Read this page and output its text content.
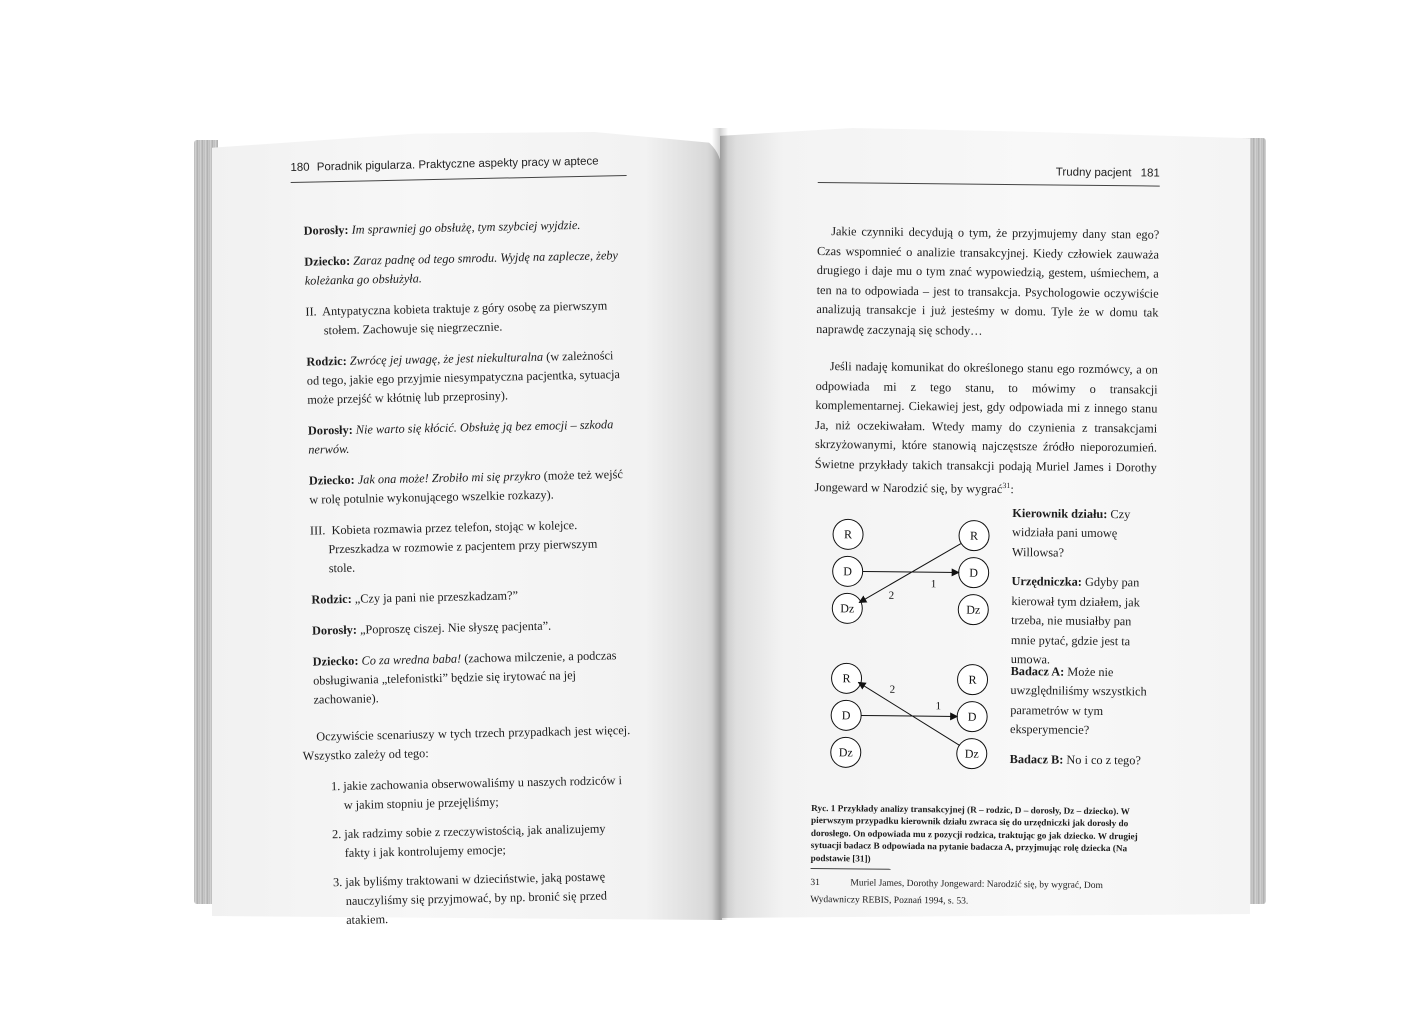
180 Poradnik pigularza. Praktyczne aspekty pracy w aptece

Dorosły: Im sprawniej go obsłużę, tym szybciej wyjdzie.

Dziecko: Zaraz padnę od tego smrodu. Wyjdę na zaplecze, żeby koleżanka go obsłużyła.

II. Antypatyczna kobieta traktuje z góry osobę za pierwszym stołem. Zachowuje się niegrzecznie.

Rodzic: Zwrócę jej uwagę, że jest niekulturalna (w zależności od tego, jakie ego przyjmie niesympatyczna pacjentka, sytuacja może przejść w kłótnię lub przeprosiny).

Dorosły: Nie warto się kłócić. Obsłużę ją bez emocji – szkoda nerwów.

Dziecko: Jak ona może! Zrobiło mi się przykro (może też wejść w rolę potulnie wykonującego wszelkie rozkazy).

III. Kobieta rozmawia przez telefon, stojąc w kolejce. Przeszkadza w rozmowie z pacjentem przy pierwszym stole.

Rodzic: „Czy ja pani nie przeszkadzam?”

Dorosły: „Poproszę ciszej. Nie słyszę pacjenta”.

Dziecko: Co za wredna baba! (zachowa milczenie, a podczas obsługiwania „telefonistki” będzie się irytować na jej zachowanie).

Oczywiście scenariuszy w tych trzech przypadkach jest więcej. Wszystko zależy od tego:

1. jakie zachowania obserwowaliśmy u naszych rodziców i w jakim stopniu je przejęliśmy;
2. jak radzimy sobie z rzeczywistością, jak analizujemy fakty i jak kontrolujemy emocje;
3. jak byliśmy traktowani w dzieciństwie, jaką postawę nauczyliśmy się przyjmować, by np. bronić się przed atakiem.
Trudny pacjent 181

Jakie czynniki decydują o tym, że przyjmujemy dany stan ego? Czas wspomnieć o analizie transakcyjnej. Kiedy człowiek zauważa drugiego i daje mu o tym znać wypowiedzią, gestem, uśmiechem, a ten na to odpowiada – jest to transakcja. Psychologowie oczywiście analizują transakcje i już jesteśmy w domu. Tyle że w domu tak naprawdę zaczynają się schody…

Jeśli nadaję komunikat do określonego stanu ego rozmówcy, a on odpowiada mi z tego stanu, to mówimy o transakcji komplementarnej. Ciekawiej jest, gdy odpowiada mi z innego stanu Ja, niż oczekiwałam. Wtedy mamy do czynienia z transakcjami skrzyżowanymi, które stanowią najczęstsze źródło nieporozumień. Świetne przykłady takich transakcji podają Muriel James i Dorothy Jongeward w Narodzić się, by wygrać$^{31}$:

R
D
Dz
R
D
Dz
1
2

Kierownik działu: Czy widziała pani umowę Willowsa?

Urzędniczka: Gdyby pan kierował tym działem, jak trzeba, nie musiałby pan mnie pytać, gdzie jest ta umowa.

R
D
Dz
R
D
Dz
1
2

Badacz A: Może nie uwzględniliśmy wszystkich parametrów w tym eksperymencie?

Badacz B: No i co z tego?

Ryc. 1 Przykłady analizy transakcyjnej (R – rodzic, D – dorosły, Dz – dziecko). W pierwszym przypadku kierownik działu zwraca się do urzędniczki jak dorosły do dorosłego. On odpowiada mu z pozycji rodzica, traktując go jak dziecko. W drugiej sytuacji badacz B odpowiada na pytanie badacza A, przyjmując rolę dziecka (Na podstawie [31])
31	Muriel James, Dorothy Jongeward: Narodzić się, by wygrać, Dom Wydawniczy REBIS, Poznań 1994, s. 53.
